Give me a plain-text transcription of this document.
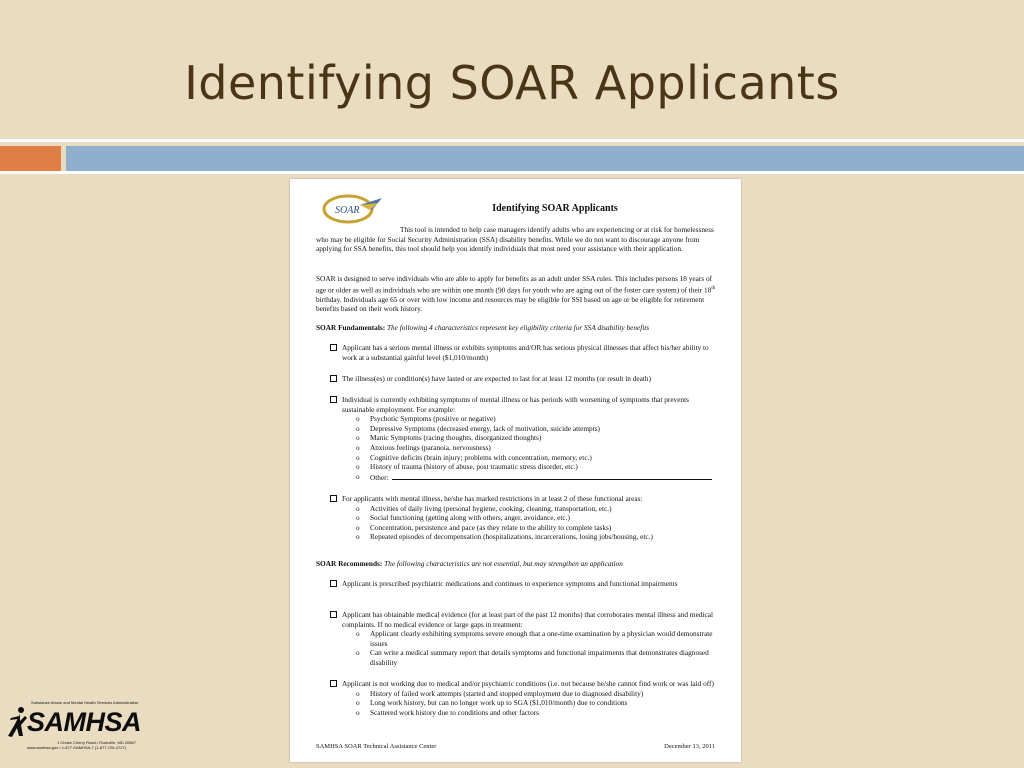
Identifying SOAR Applicants
SOAR	Identifying SOAR Applicants
This tool is intended to help case managers identify adults who are experiencing or at risk for homelessness who may be eligible for Social Security Administration (SSA) disability benefits. While we do not want to discourage anyone from applying for SSA benefits, this tool should help you identify individuals that most need your assistance with their application.
SOAR is designed to serve individuals who are able to apply for benefits as an adult under SSA rules. This includes persons 18 years of age or older as well as individuals who are within one month (90 days for youth who are aging out of the foster care system) of their 18th birthday. Individuals age 65 or over with low income and resources may be eligible for SSI based on age or be eligible for retirement benefits based on their work history.
SOAR Fundamentals: The following 4 characteristics represent key eligibility criteria for SSA disability benefits
Applicant has a serious mental illness or exhibits symptoms and/OR has serious physical illnesses that affect his/her ability to work at a substantial gainful level ($1,010/month)
The illness(es) or condition(s) have lasted or are expected to last for at least 12 months (or result in death)
Individual is currently exhibiting symptoms of mental illness or has periods with worsening of symptoms that prevents sustainable employment. For example:
o Psychotic Symptoms (positive or negative)
o Depressive Symptoms (decreased energy, lack of motivation, suicide attempts)
o Manic Symptoms (racing thoughts, disorganized thoughts)
o Anxious feelings (paranoia, nervousness)
o Cognitive deficits (brain injury; problems with concentration, memory, etc.)
o History of trauma (history of abuse, post traumatic stress disorder, etc.)
o Other:
For applicants with mental illness, he/she has marked restrictions in at least 2 of these functional areas:
o Activities of daily living (personal hygiene, cooking, cleaning, transportation, etc.)
o Social functioning (getting along with others, anger, avoidance, etc.)
o Concentration, persistence and pace (as they relate to the ability to complete tasks)
o Repeated episodes of decompensation (hospitalizations, incarcerations, losing jobs/housing, etc.)
SOAR Recommends: The following characteristics are not essential, but may strengthen an application
Applicant is prescribed psychiatric medications and continues to experience symptoms and functional impairments
Applicant has obtainable medical evidence (for at least part of the past 12 months) that corroborates mental illness and medical complaints. If no medical evidence or large gaps in treatment:
o Applicant clearly exhibiting symptoms severe enough that a one-time examination by a physician would demonstrate issues
o Can write a medical summary report that details symptoms and functional impairments that demonstrates diagnosed disability
Applicant is not working due to medical and/or psychiatric conditions (i.e. not because he/she cannot find work or was laid off)
o History of failed work attempts (started and stopped employment due to diagnosed disability)
o Long work history, but can no longer work up to SGA ($1,010/month) due to conditions
o Scattered work history due to conditions and other factors
SAMHSA SOAR Technical Assistance Center	December 13, 2011
Substance Abuse and Mental Health Services Administration
SAMHSA
1 Choke Cherry Road • Rockville, MD 20857
www.samhsa.gov • 1-877-SAMHSA-7 (1-877-726-4727)
